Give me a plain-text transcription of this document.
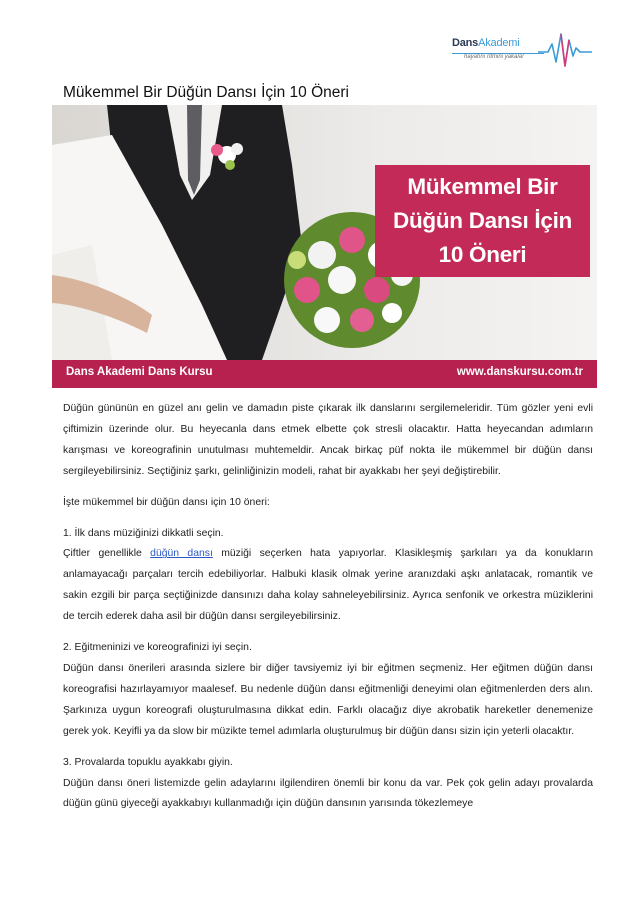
DansAkademi
hayatını ritmini yakala!
Mükemmel Bir Düğün Dansı İçin 10 Öneri
Mükemmel Bir
Düğün Dansı İçin
10 Öneri
Dans Akademi Dans Kursu	www.danskursu.com.tr

Düğün gününün en güzel anı gelin ve damadın piste çıkarak ilk danslarını sergilemeleridir. Tüm gözler yeni evli çiftimizin üzerinde olur. Bu heyecanla dans etmek elbette çok stresli olacaktır. Hatta heyecandan adımların karışması ve koreografinin unutulması muhtemeldir. Ancak birkaç püf nokta ile mükemmel bir düğün dansı sergileyebilirsiniz. Seçtiğiniz şarkı, gelinliğinizin modeli, rahat bir ayakkabı her şeyi değiştirebilir.

İşte mükemmel bir düğün dansı için 10 öneri:

1. İlk dans müziğinizi dikkatli seçin.
Çiftler genellikle düğün dansı müziği seçerken hata yapıyorlar. Klasikleşmiş şarkıları ya da konukların anlamayacağı parçaları tercih edebiliyorlar. Halbuki klasik olmak yerine aranızdaki aşkı anlatacak, romantik ve sakin ezgili bir parça seçtiğinizde dansınızı daha kolay sahneleyebilirsiniz. Ayrıca senfonik ve orkestra müziklerini de tercih ederek daha asil bir düğün dansı sergileyebilirsiniz.

2. Eğitmeninizi ve koreografinizi iyi seçin.
Düğün dansı önerileri arasında sizlere bir diğer tavsiyemiz iyi bir eğitmen seçmeniz. Her eğitmen düğün dansı koreografisi hazırlayamıyor maalesef. Bu nedenle düğün dansı eğitmenliği deneyimi olan eğitmenlerden ders alın. Şarkınıza uygun koreografi oluşturulmasına dikkat edin. Farklı olacağız diye akrobatik hareketler denemenize gerek yok. Keyifli ya da slow bir müzikte temel adımlarla oluşturulmuş bir düğün dansı sizin için yeterli olacaktır.

3. Provalarda topuklu ayakkabı giyin.
Düğün dansı öneri listemizde gelin adaylarını ilgilendiren önemli bir konu da var. Pek çok gelin adayı provalarda düğün günü giyeceği ayakkabıyı kullanmadığı için düğün dansının yarısında tökezlemeye
